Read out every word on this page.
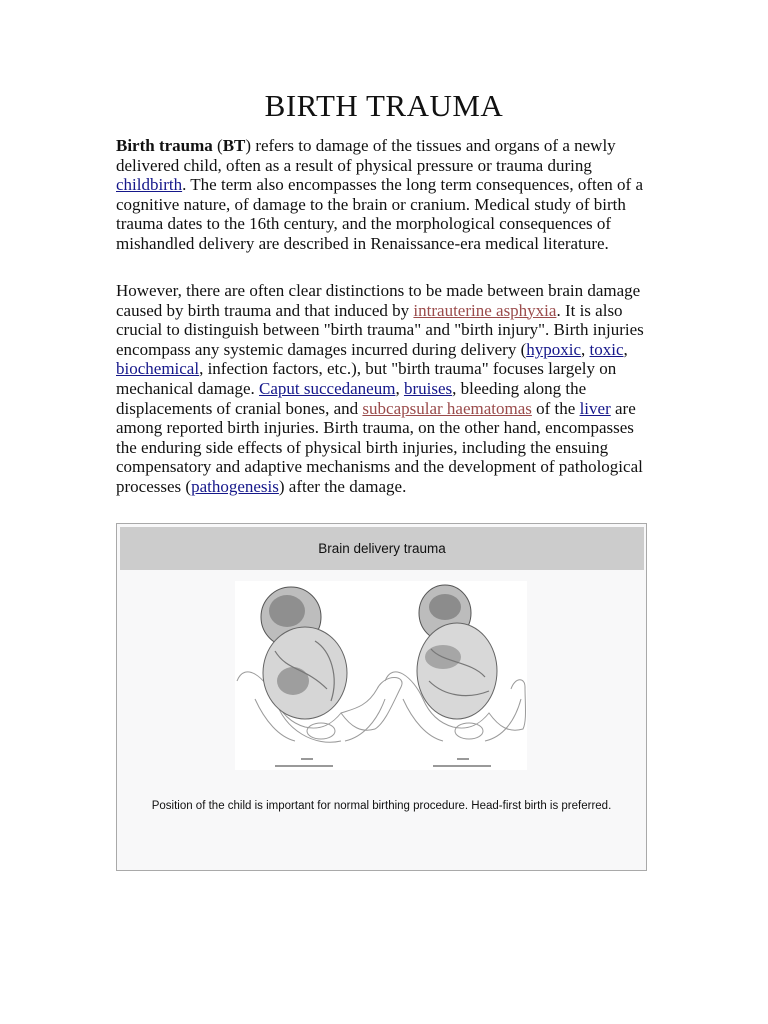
BIRTH TRAUMA

Birth trauma (BT) refers to damage of the tissues and organs of a newly delivered child, often as a result of physical pressure or trauma during childbirth. The term also encompasses the long term consequences, often of a cognitive nature, of damage to the brain or cranium. Medical study of birth trauma dates to the 16th century, and the morphological consequences of mishandled delivery are described in Renaissance-era medical literature.

However, there are often clear distinctions to be made between brain damage caused by birth trauma and that induced by intrauterine asphyxia. It is also crucial to distinguish between "birth trauma" and "birth injury". Birth injuries encompass any systemic damages incurred during delivery (hypoxic, toxic, biochemical, infection factors, etc.), but "birth trauma" focuses largely on mechanical damage. Caput succedaneum, bruises, bleeding along the displacements of cranial bones, and subcapsular haematomas of the liver are among reported birth injuries. Birth trauma, on the other hand, encompasses the enduring side effects of physical birth injuries, including the ensuing compensatory and adaptive mechanisms and the development of pathological processes (pathogenesis) after the damage.

Brain delivery trauma
Position of the child is important for normal birthing procedure. Head-first birth is preferred.
